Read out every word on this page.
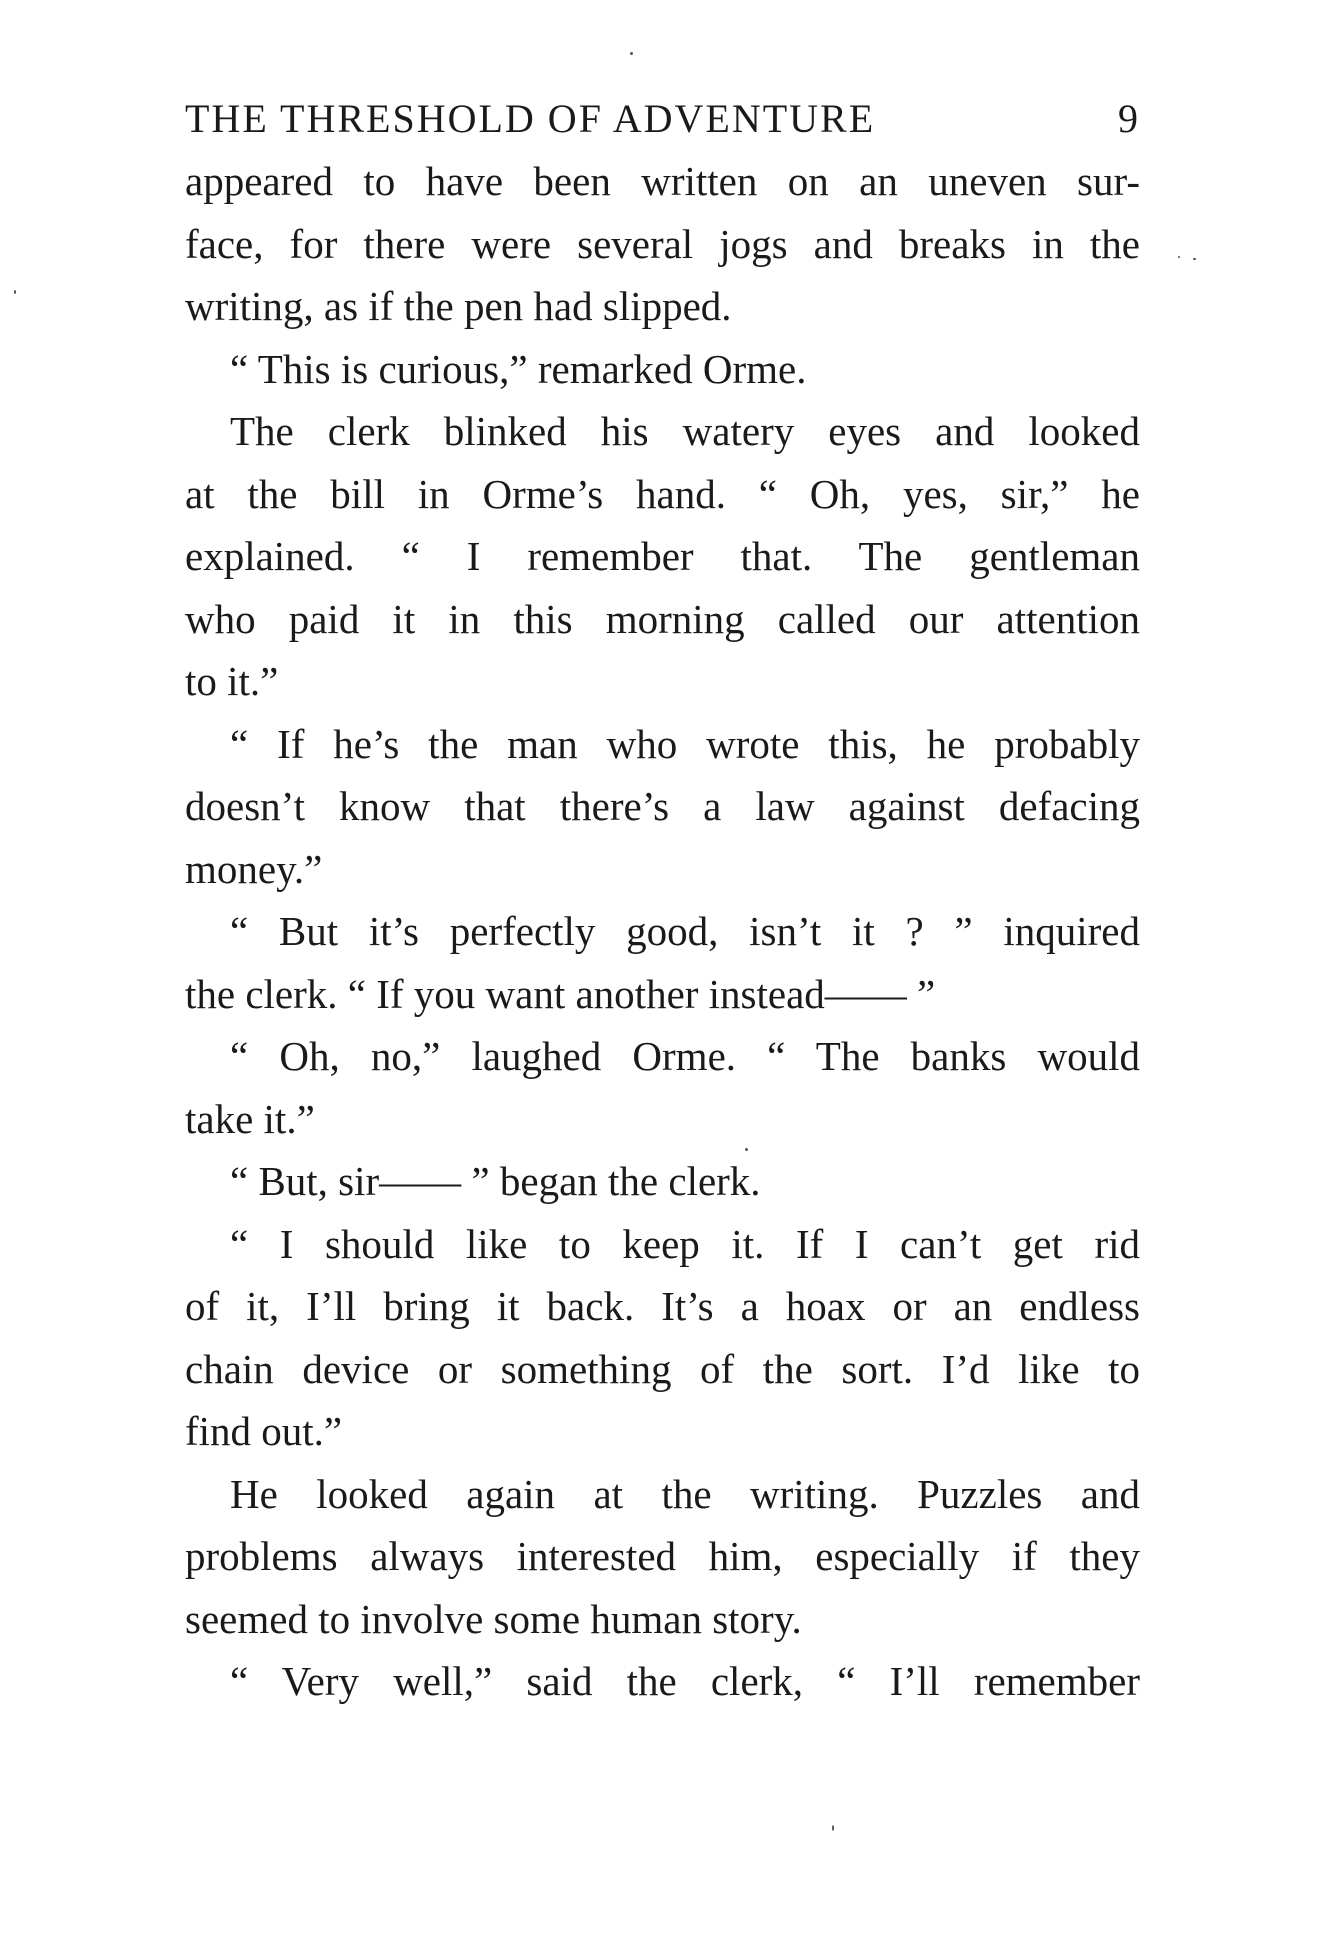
THE THRESHOLD OF ADVENTURE	9
appeared to have been written on an uneven sur-
face, for there were several jogs and breaks in the
writing, as if the pen had slipped.
“ This is curious,” remarked Orme.
The clerk blinked his watery eyes and looked
at the bill in Orme’s hand. “ Oh, yes, sir,” he
explained. “ I remember that. The gentleman
who paid it in this morning called our attention
to it.”
“ If he’s the man who wrote this, he probably
doesn’t know that there’s a law against defacing
money.”
“ But it’s perfectly good, isn’t it ? ” inquired
the clerk. “ If you want another instead—— ”
“ Oh, no,” laughed Orme. “ The banks would
take it.”
“ But, sir—— ” began the clerk.
“ I should like to keep it. If I can’t get rid
of it, I’ll bring it back. It’s a hoax or an endless
chain device or something of the sort. I’d like to
find out.”
He looked again at the writing. Puzzles and
problems always interested him, especially if they
seemed to involve some human story.
“ Very well,” said the clerk, “ I’ll remember
